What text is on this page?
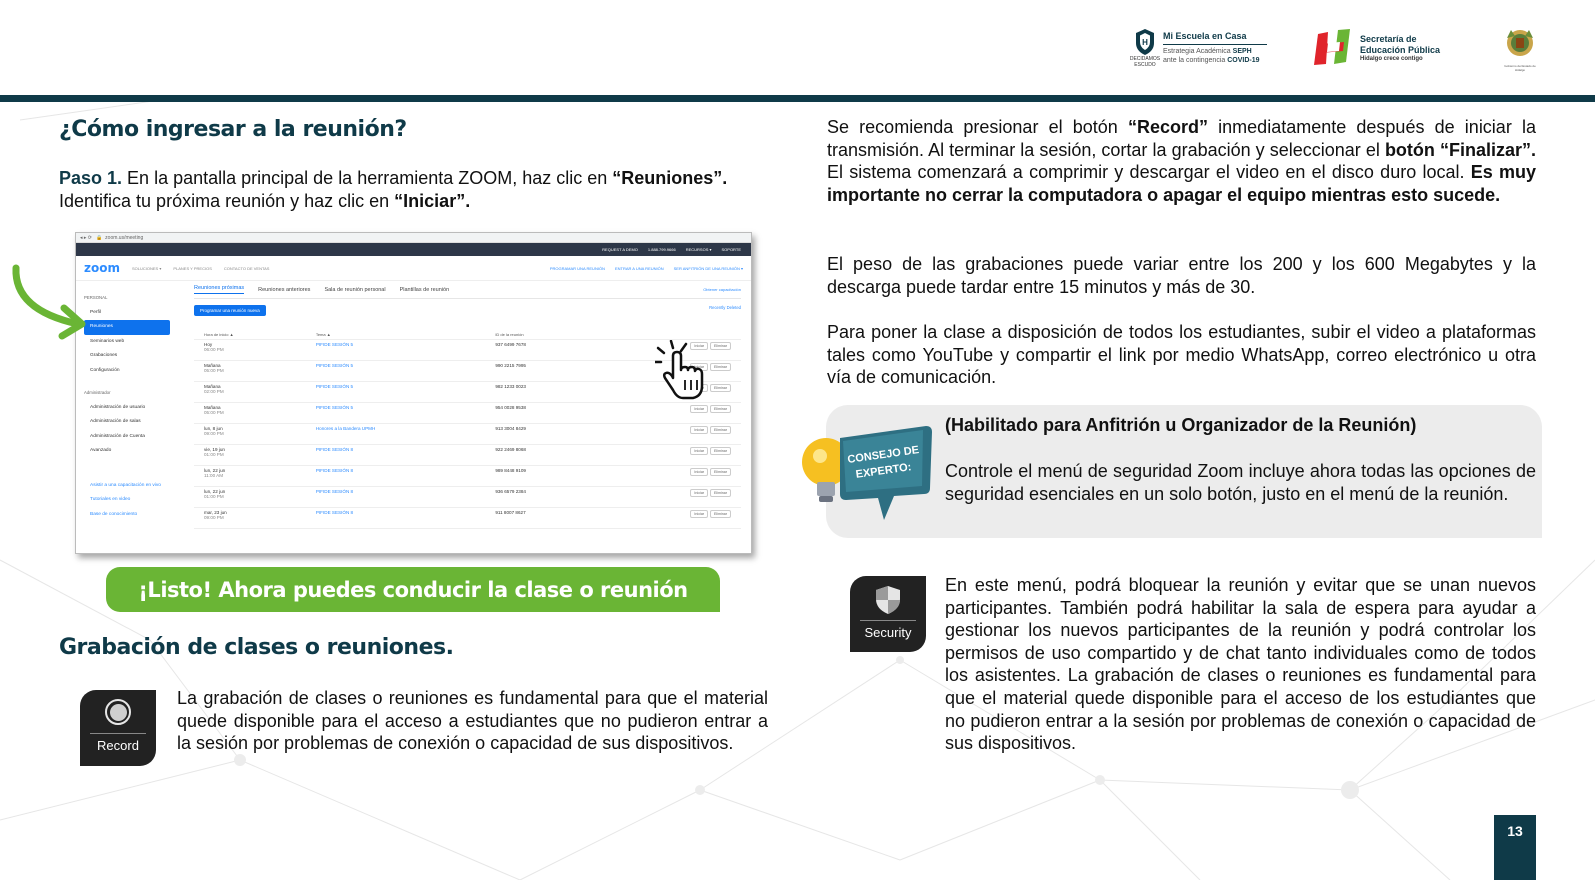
H
DECIDAMOS ESCUDO
Mi Escuela en Casa
Estrategia Académica SEPH
ante la contingencia COVID-19
Secretaría de
Educación Pública
Hidalgo crece contigo
Gobierno del Estado de Hidalgo
¿Cómo ingresar a la reunión?
Paso 1. En la pantalla principal de la herramienta ZOOM, haz clic en “Reuniones”. Identifica tu próxima reunión y haz clic en “Iniciar”.
◂ ▸ ⟳   🔒 zoom.us/meeting
REQUEST A DEMO	1.888.799.9666	RECURSOS ▾	SOPORTE
zoom	SOLUCIONES ▾	PLANES Y PRECIOS	CONTACTO DE VENTAS	PROGRAMAR UNA REUNIÓN	ENTRAR A UNA REUNIÓN	SER ANFITRIÓN DE UNA REUNIÓN ▾
PERSONAL
Perfil
Reuniones
Seminarios web
Grabaciones
Configuración
Administrador
Administración de usuario
Administración de salas
Administración de Cuenta
Avanzado
Asistir a una capacitación en vivo
Tutoriales en video
Base de conocimiento
Reuniones próximas	Reuniones anteriores	Sala de reunión personal	Plantillas de reunión	Obtener capacitación
Programar una reunión nueva
Recently Deleted
Hora de inicio ▲	Tema ▲	ID de la reunión	
Hoy
06:00 PM	PIFIDE SESIÓN 5	937 6499 7678	Iniciar Eliminar
Mañana
05:00 PM	PIFIDE SESIÓN 5	990 2215 7995	Iniciar Eliminar
Mañana
02:00 PM	PIFIDE SESIÓN 5	982 1233 0023	Eliminar
Mañana
05:00 PM	PIFIDE SESIÓN 5	954 0028 9538	Iniciar Eliminar
lun, 8 jun
09:00 PM	Honores a la Bandera UPMH	913 3004 8429	Iniciar Eliminar
vie, 19 jun
01:00 PM	PIFIDE SESIÓN 8	922 2469 8068	Iniciar Eliminar
lun, 22 jun
11:00 AM	PIFIDE SESIÓN 8	989 8448 9109	Iniciar Eliminar
lun, 22 jun
01:00 PM	PIFIDE SESIÓN 8	936 6579 2384	Iniciar Eliminar
mar, 23 jun
09:00 PM	PIFIDE SESIÓN 8	911 8007 8627	Iniciar Eliminar
¡Listo! Ahora puedes conducir la clase o reunión
Grabación de clases o reuniones.
Record
La grabación de clases o reuniones es fundamental para que el material quede disponible para el acceso a estudiantes que no pudieron entrar a la sesión por problemas de conexión o capacidad de sus dispositivos.
Se recomienda presionar el botón “Record” inmediatamente después de iniciar la transmisión. Al terminar la sesión, cortar la grabación y seleccionar el botón “Finalizar”. El sistema comenzará a comprimir y descargar el video en el disco duro local. Es muy importante no cerrar la computadora o apagar el equipo mientras esto sucede.
El peso de las grabaciones puede variar entre los 200 y los 600 Megabytes y la descarga puede tardar entre 15 minutos y más de 30.
Para poner la clase a disposición de todos los estudiantes, subir el video a plataformas tales como YouTube y compartir el link por medio WhatsApp, correo electrónico u otra vía de comunicación.
CONSEJO DE
EXPERTO:
(Habilitado para Anfitrión u Organizador de la Reunión)
Controle el menú de seguridad Zoom incluye ahora todas las opciones de seguridad esenciales en un solo botón, justo en el menú de la reunión.
Security
En este menú, podrá bloquear la reunión y evitar que se unan nuevos participantes. También podrá habilitar la sala de espera para ayudar a gestionar los nuevos participantes de la reunión y podrá controlar los permisos de uso compartido y de chat tanto individuales como de todos los asistentes. La grabación de clases o reuniones es fundamental para que el material quede disponible para el acceso de los estudiantes que no pudieron entrar a la sesión por problemas de conexión o capacidad de sus dispositivos.
13
